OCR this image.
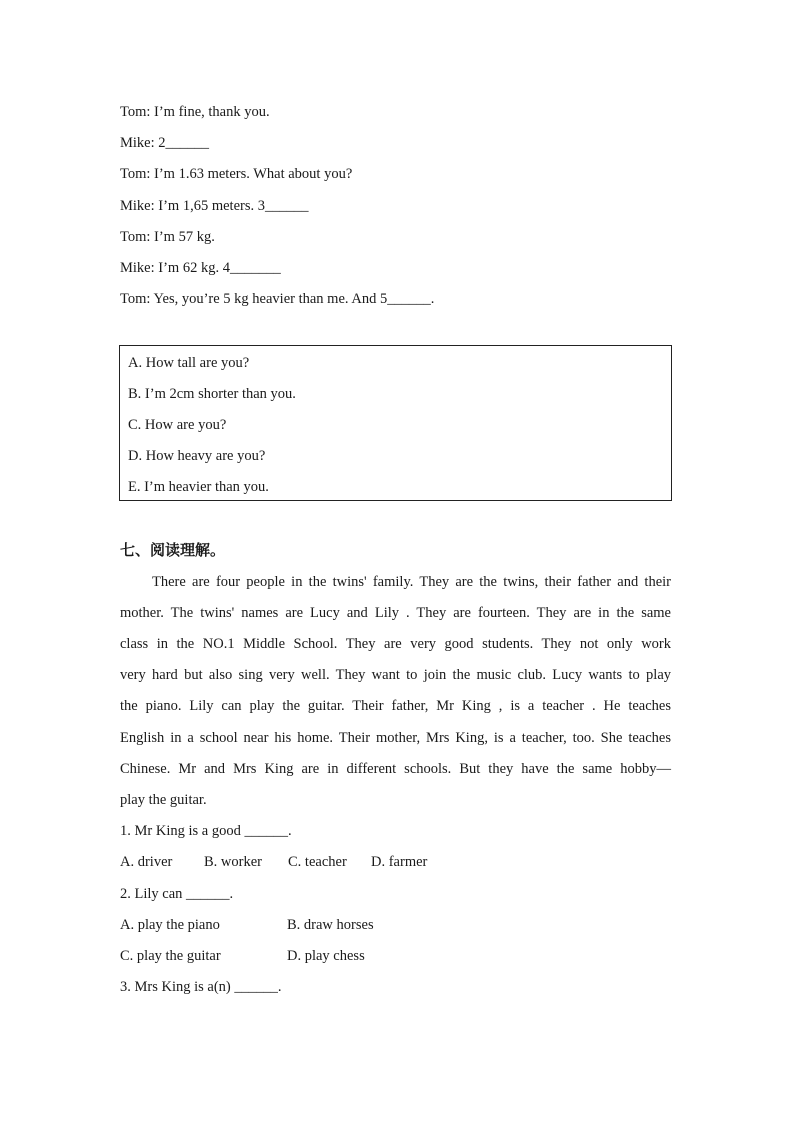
Tom: I’m fine, thank you.
Mike: 2______
Tom: I’m 1.63 meters. What about you?
Mike: I’m 1,65 meters. 3______
Tom: I’m 57 kg.
Mike: I’m 62 kg. 4_______
Tom: Yes, you’re 5 kg heavier than me. And 5______.
A. How tall are you?
B. I’m 2cm shorter than you.
C. How are you?
D. How heavy are you?
E. I’m heavier than you.
七、阅读理解。
There are four people in the twins' family. They are the twins, their father and their
mother. The twins' names are Lucy and Lily . They are fourteen. They are in the same
class in the NO.1 Middle School. They are very good students. They not only work
very hard but also sing very well. They want to join the music club. Lucy wants to play
the piano. Lily can play the guitar. Their father, Mr King , is a teacher . He teaches
English in a school near his home. Their mother, Mrs King, is a teacher, too. She teaches
Chinese. Mr and Mrs King are in different schools. But they have the same hobby—
play the guitar.
1. Mr King is a good ______.
A. driver B. worker C. teacher D. farmer
2. Lily can ______.
A. play the piano	B. draw horses
C. play the guitar	D. play chess
3. Mrs King is a(n) ______.
